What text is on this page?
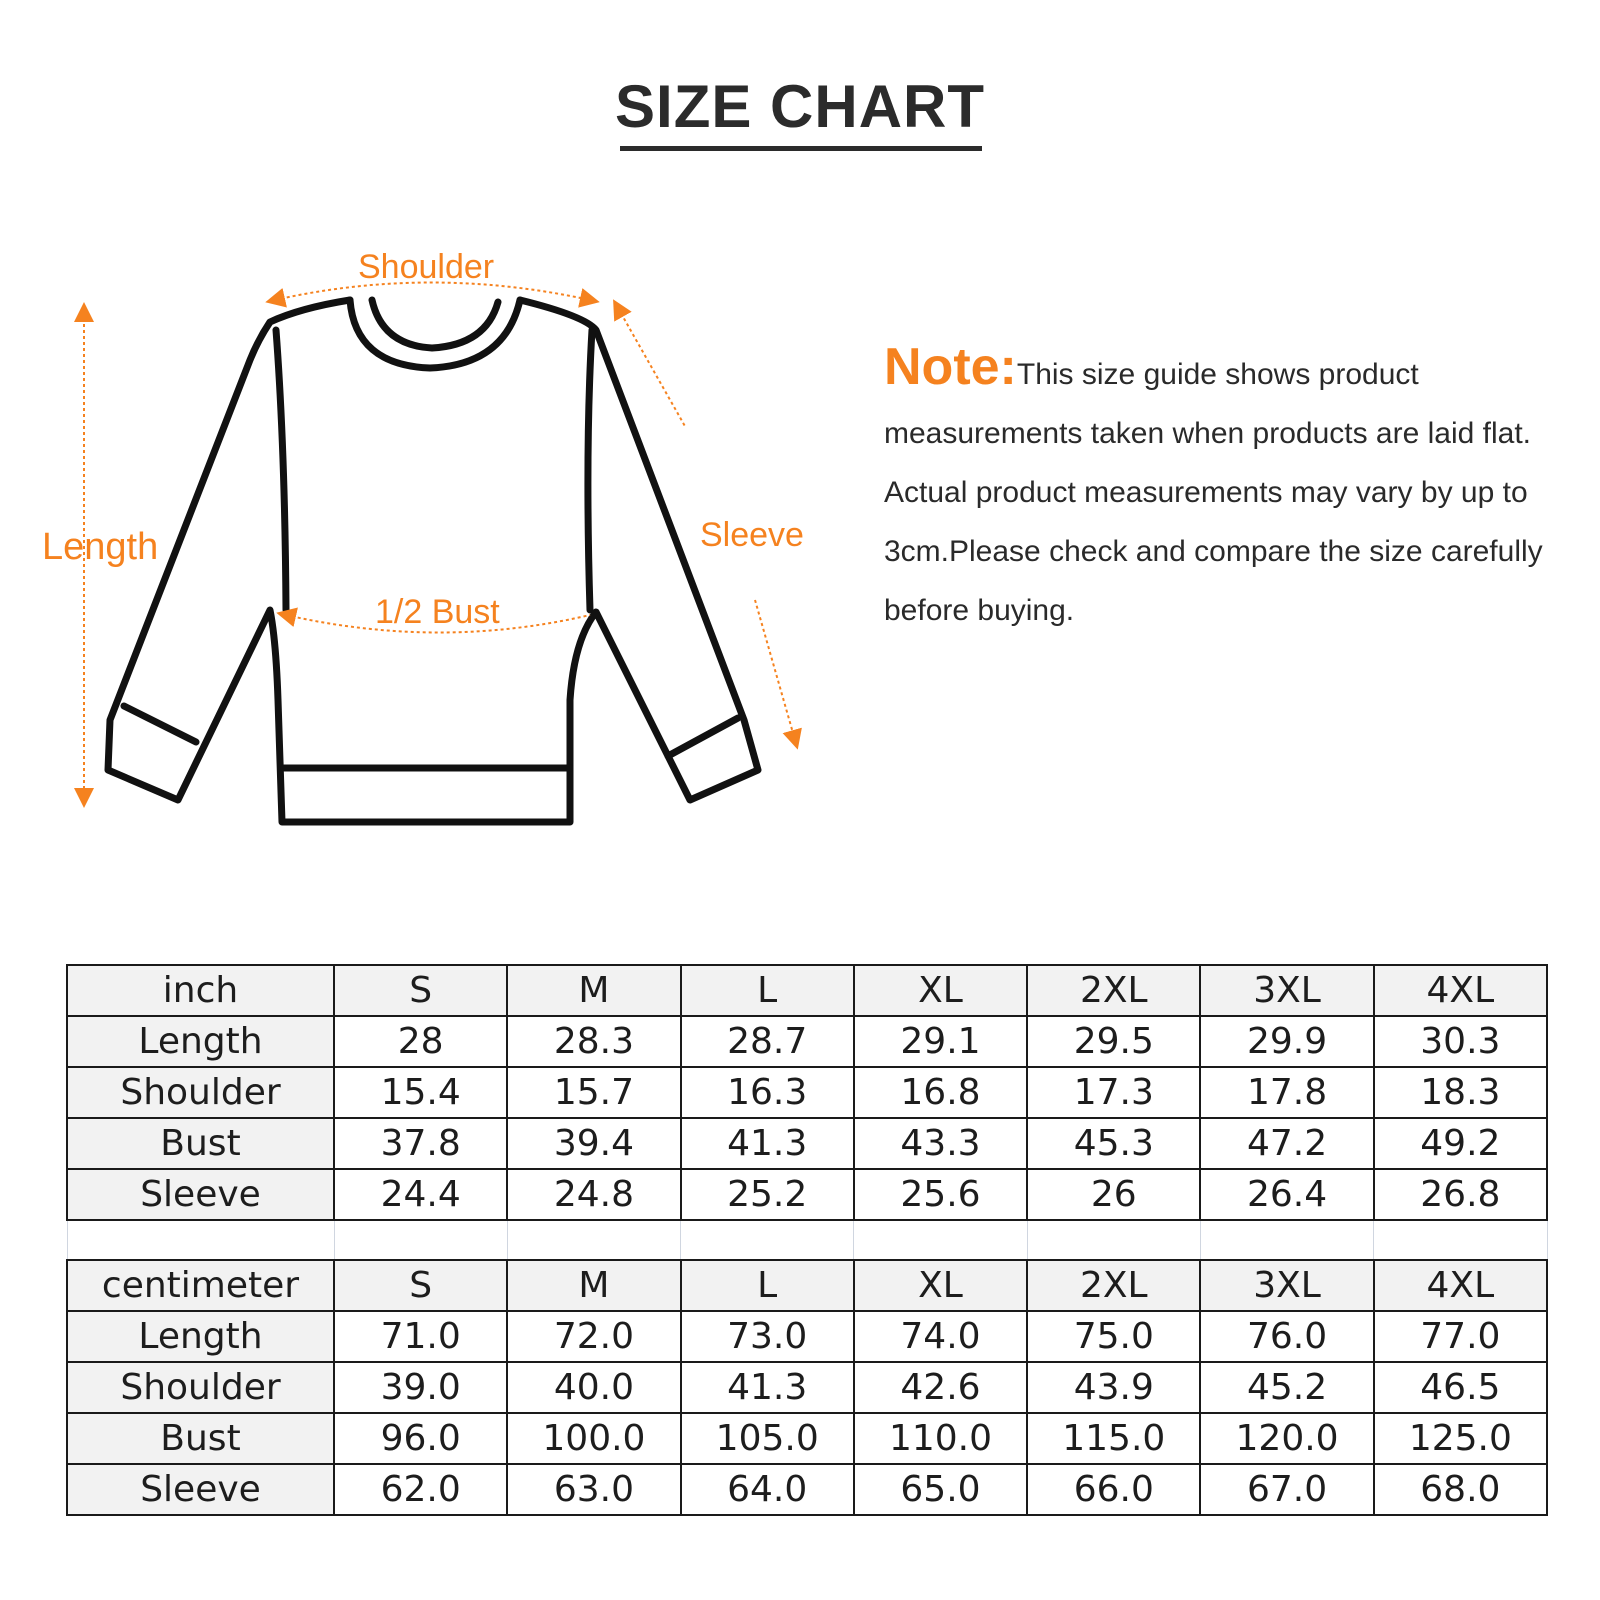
SIZE CHART
Shoulder
Length	Sleeve
1/2 Bust
Note:This size guide shows product measurements taken when products are laid flat. Actual product measurements may vary by up to 3cm.Please check and compare the size carefully before buying.
inch	S	M	L	XL	2XL	3XL	4XL
Length	28	28.3	28.7	29.1	29.5	29.9	30.3
Shoulder	15.4	15.7	16.3	16.8	17.3	17.8	18.3
Bust	37.8	39.4	41.3	43.3	45.3	47.2	49.2
Sleeve	24.4	24.8	25.2	25.6	26	26.4	26.8

centimeter	S	M	L	XL	2XL	3XL	4XL
Length	71.0	72.0	73.0	74.0	75.0	76.0	77.0
Shoulder	39.0	40.0	41.3	42.6	43.9	45.2	46.5
Bust	96.0	100.0	105.0	110.0	115.0	120.0	125.0
Sleeve	62.0	63.0	64.0	65.0	66.0	67.0	68.0
